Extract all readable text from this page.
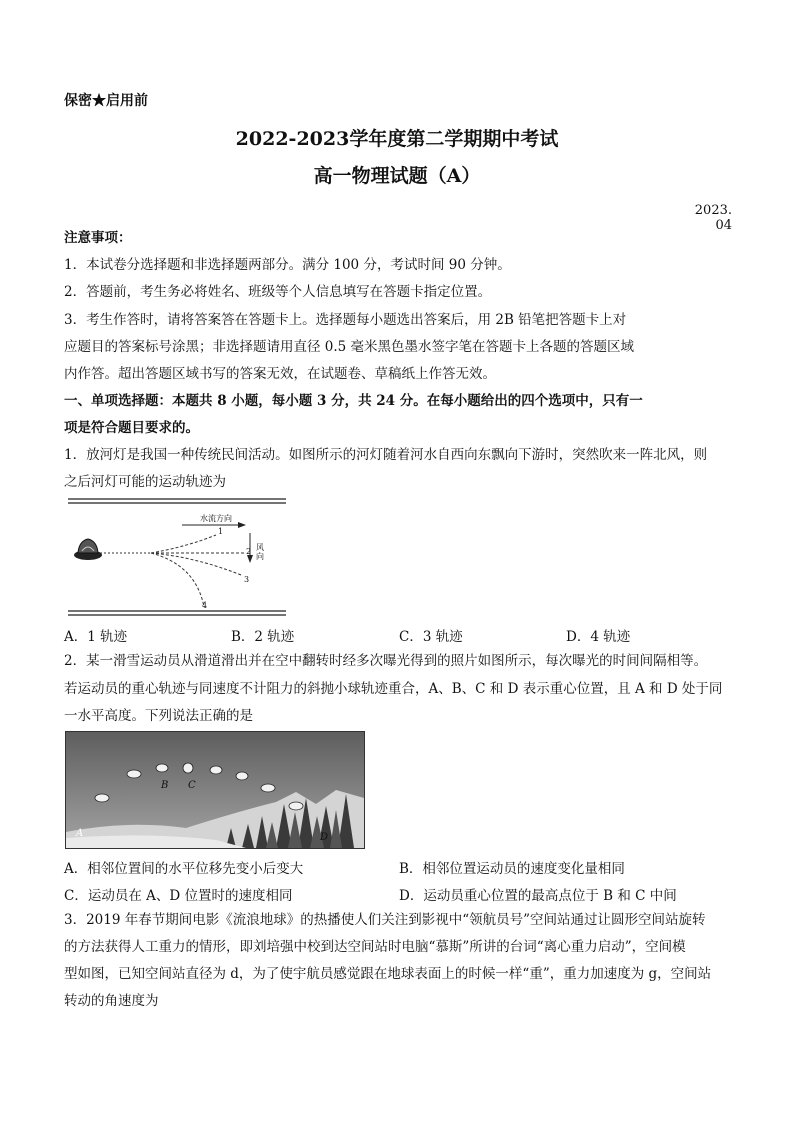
保密★启用前
2022-2023学年度第二学期期中考试
高一物理试题（A）
2023. 04
注意事项：
1．本试卷分选择题和非选择题两部分。满分 100 分，考试时间 90 分钟。
2．答题前，考生务必将姓名、班级等个人信息填写在答题卡指定位置。
3．考生作答时，请将答案答在答题卡上。选择题每小题选出答案后，用 2B 铅笔把答题卡上对
应题目的答案标号涂黑；非选择题请用直径 0.5 毫米黑色墨水签字笔在答题卡上各题的答题区域
内作答。超出答题区域书写的答案无效，在试题卷、草稿纸上作答无效。
一、单项选择题：本题共 8 小题，每小题 3 分，共 24 分。在每小题给出的四个选项中，只有一
项是符合题目要求的。
1．放河灯是我国一种传统民间活动。如图所示的河灯随着河水自西向东飘向下游时，突然吹来一阵北风，则
之后河灯可能的运动轨迹为
水流方向
风向
1
2
3
4
A．1 轨迹	B．2 轨迹	C．3 轨迹	D．4 轨迹
2．某一滑雪运动员从滑道滑出并在空中翻转时经多次曝光得到的照片如图所示，每次曝光的时间间隔相等。
若运动员的重心轨迹与同速度不计阻力的斜抛小球轨迹重合，A、B、C 和 D 表示重心位置，且 A 和 D 处于同
一水平高度。下列说法正确的是
A
B C
D
A．相邻位置间的水平位移先变小后变大	B．相邻位置运动员的速度变化量相同
C．运动员在 A、D 位置时的速度相同	D．运动员重心位置的最高点位于 B 和 C 中间
3．2019 年春节期间电影《流浪地球》的热播使人们关注到影视中“领航员号”空间站通过让圆形空间站旋转
的方法获得人工重力的情形，即刘培强中校到达空间站时电脑“慕斯”所讲的台词“离心重力启动”，空间模
型如图，已知空间站直径为 d，为了使宇航员感觉跟在地球表面上的时候一样“重”，重力加速度为 g，空间站
转动的角速度为
